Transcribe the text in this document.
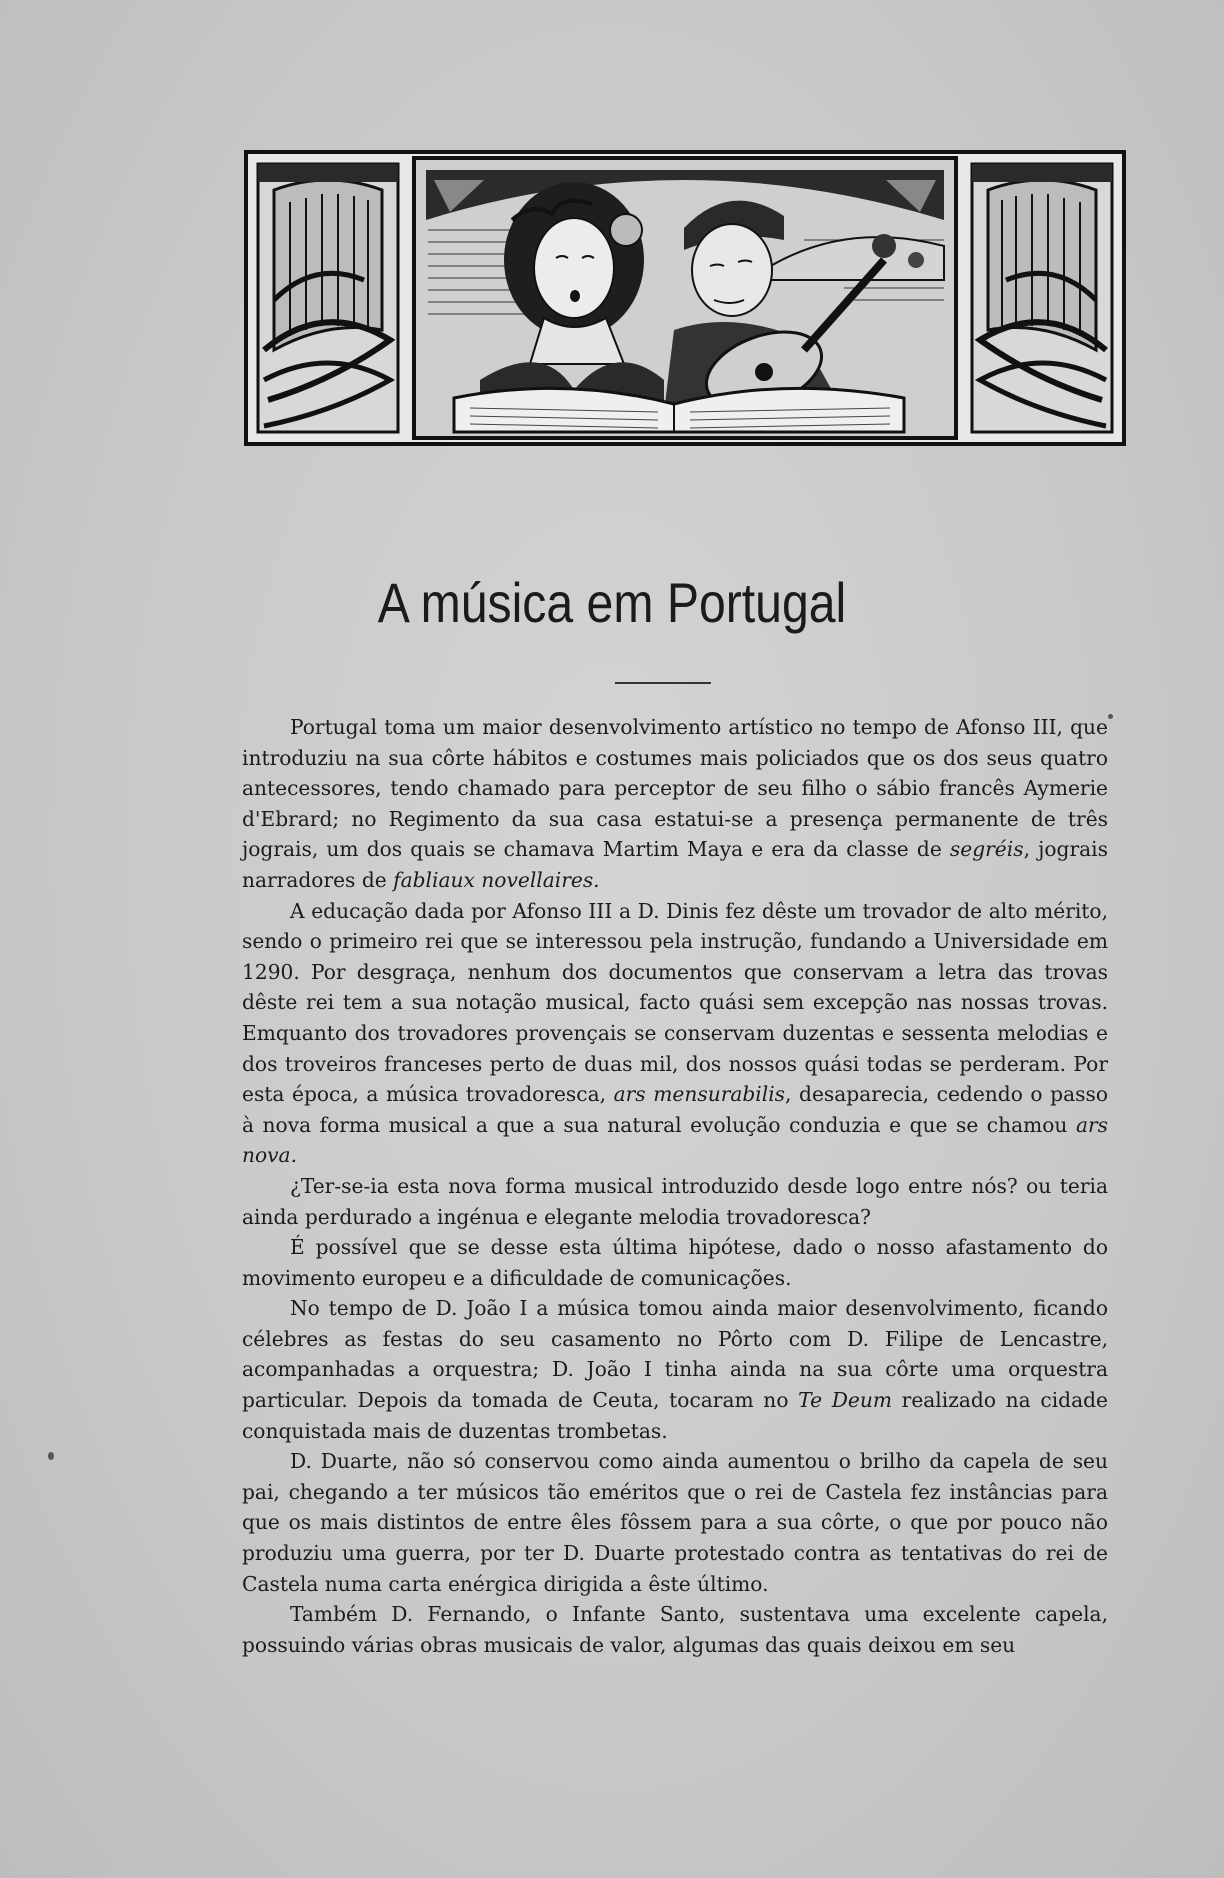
A música em Portugal

Portugal toma um maior desenvolvimento artístico no tempo de Afonso III, que introduziu na sua côrte hábitos e costumes mais policiados que os dos seus quatro antecessores, tendo chamado para perceptor de seu filho o sábio francês Aymerie d'Ebrard; no Regimento da sua casa estatui-se a presença permanente de três jograis, um dos quais se chamava Martim Maya e era da classe de segréis, jograis narradores de fabliaux novellaires.

A educação dada por Afonso III a D. Dinis fez dêste um trovador de alto mérito, sendo o primeiro rei que se interessou pela instrução, fundando a Universidade em 1290. Por desgraça, nenhum dos documentos que conservam a letra das trovas dêste rei tem a sua notação musical, facto quási sem excepção nas nossas trovas. Emquanto dos trovadores provençais se conservam duzentas e sessenta melodias e dos troveiros franceses perto de duas mil, dos nossos quási todas se perderam. Por esta época, a música trovadoresca, ars mensurabilis, desaparecia, cedendo o passo à nova forma musical a que a sua natural evolução conduzia e que se chamou ars nova.

¿Ter-se-ia esta nova forma musical introduzido desde logo entre nós? ou teria ainda perdurado a ingénua e elegante melodia trovadoresca?

É possível que se desse esta última hipótese, dado o nosso afastamento do movimento europeu e a dificuldade de comunicações.

No tempo de D. João I a música tomou ainda maior desenvolvimento, ficando célebres as festas do seu casamento no Pôrto com D. Filipe de Lencastre, acompanhadas a orquestra; D. João I tinha ainda na sua côrte uma orquestra particular. Depois da tomada de Ceuta, tocaram no Te Deum realizado na cidade conquistada mais de duzentas trombetas.

D. Duarte, não só conservou como ainda aumentou o brilho da capela de seu pai, chegando a ter músicos tão eméritos que o rei de Castela fez instâncias para que os mais distintos de entre êles fôssem para a sua côrte, o que por pouco não produziu uma guerra, por ter D. Duarte protestado contra as tentativas do rei de Castela numa carta enérgica dirigida a êste último.

Também D. Fernando, o Infante Santo, sustentava uma excelente capela, possuindo várias obras musicais de valor, algumas das quais deixou em seu
